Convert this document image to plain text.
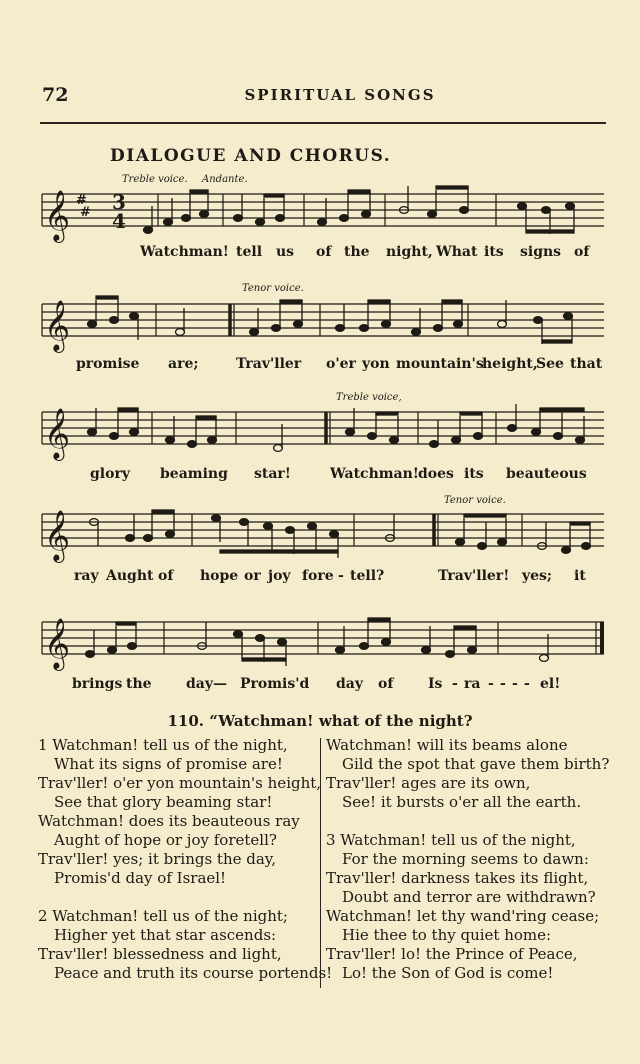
72	SPIRITUAL SONGS
DIALOGUE AND CHORUS.
Treble voice. Andante.
Tenor voice.
Treble voice,
Tenor voice.
𝄞 #
# 3
4
Watchman! tell us of the night, What its signs of
𝄞
promise are;	Trav'ller o'er yon mountain's
height,
See that
𝄞
glory beaming star!	Watchman! does its beauteous
𝄞
ray Aught of hope or joy fore - tell?	Trav'ller! yes; it
𝄞
brings the day— Promis'd day of Is - ra - - - - el!
110. “Watchman! what of the night?
1 Watchman! tell us of the night,
What its signs of promise are!
Trav'ller! o'er yon mountain's height,
See that glory beaming star!
Watchman! does its beauteous ray
Aught of hope or joy foretell?
Trav'ller! yes; it brings the day,
Promis'd day of Israel!
2 Watchman! tell us of the night;
Higher yet that star ascends:
Trav'ller! blessedness and light,
Peace and truth its course portends!
Watchman! will its beams alone
Gild the spot that gave them birth?
Trav'ller! ages are its own,
See! it bursts o'er all the earth.
3 Watchman! tell us of the night,
For the morning seems to dawn:
Trav'ller! darkness takes its flight,
Doubt and terror are withdrawn?
Watchman! let thy wand'ring cease;
Hie thee to thy quiet home:
Trav'ller! lo! the Prince of Peace,
Lo! the Son of God is come!
